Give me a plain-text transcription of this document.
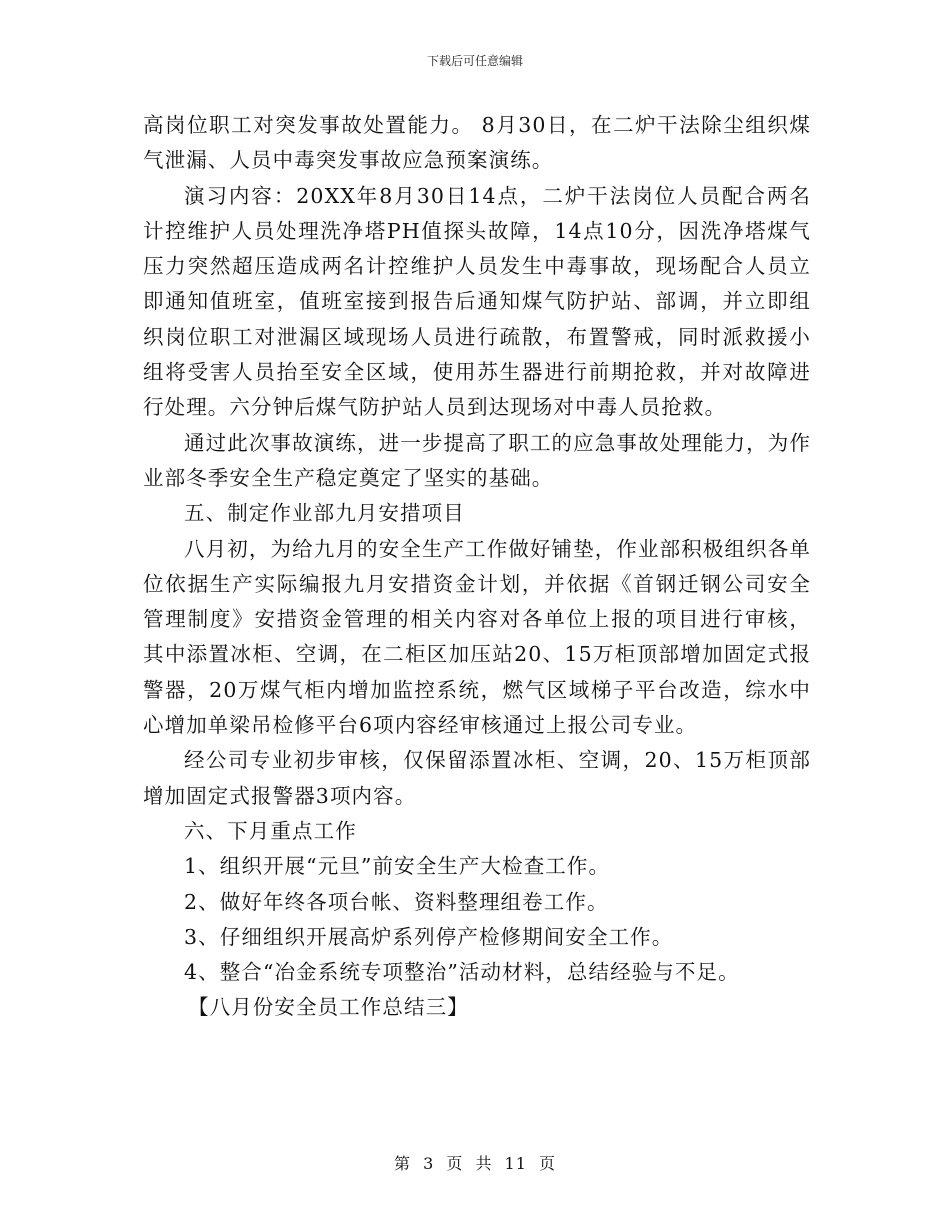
下载后可任意编辑

高岗位职工对突发事故处置能力。 8月30日，在二炉干法除尘组织煤气泄漏、人员中毒突发事故应急预案演练。

演习内容：20XX年8月30日14点，二炉干法岗位人员配合两名计控维护人员处理洗净塔PH值探头故障，14点10分，因洗净塔煤气压力突然超压造成两名计控维护人员发生中毒事故，现场配合人员立即通知值班室，值班室接到报告后通知煤气防护站、部调，并立即组织岗位职工对泄漏区域现场人员进行疏散，布置警戒，同时派救援小组将受害人员抬至安全区域，使用苏生器进行前期抢救，并对故障进行处理。六分钟后煤气防护站人员到达现场对中毒人员抢救。

通过此次事故演练，进一步提高了职工的应急事故处理能力，为作业部冬季安全生产稳定奠定了坚实的基础。

五、制定作业部九月安措项目

八月初，为给九月的安全生产工作做好铺垫，作业部积极组织各单位依据生产实际编报九月安措资金计划，并依据《首钢迁钢公司安全管理制度》安措资金管理的相关内容对各单位上报的项目进行审核，其中添置冰柜、空调，在二柜区加压站20、15万柜顶部增加固定式报警器，20万煤气柜内增加监控系统，燃气区域梯子平台改造，综水中心增加单梁吊检修平台6项内容经审核通过上报公司专业。

经公司专业初步审核，仅保留添置冰柜、空调，20、15万柜顶部增加固定式报警器3项内容。

六、下月重点工作

1、组织开展“元旦”前安全生产大检查工作。

2、做好年终各项台帐、资料整理组卷工作。

3、仔细组织开展高炉系列停产检修期间安全工作。

4、整合“冶金系统专项整治”活动材料，总结经验与不足。

【八月份安全员工作总结三】

第 3 页 共 11 页
